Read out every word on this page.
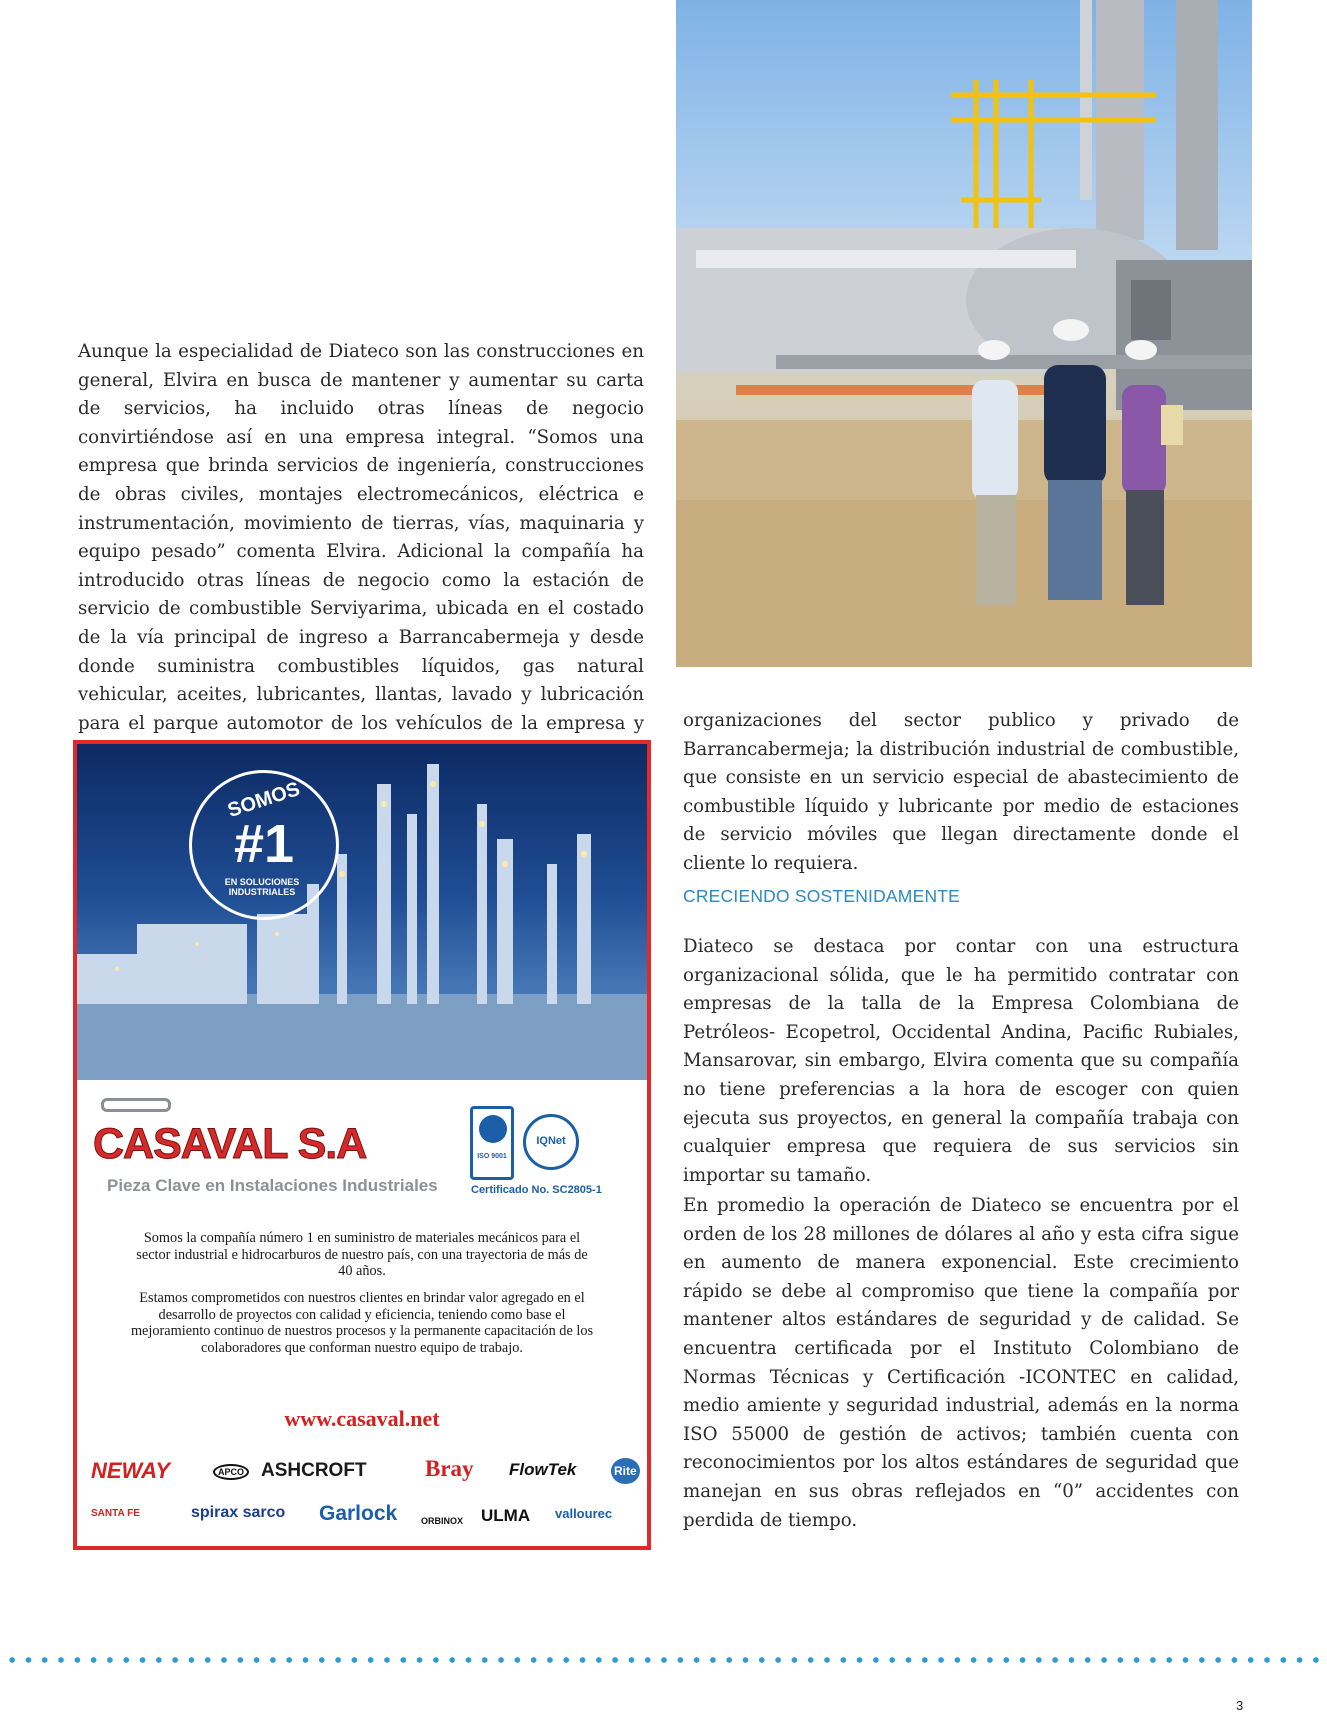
Aunque la especialidad de Diateco son las construcciones en general, Elvira en busca de mantener y aumentar su carta de servicios, ha incluido otras líneas de negocio convirtiéndose así en una empresa integral. “Somos una empresa que brinda servicios de ingeniería, construcciones de obras civiles, montajes electromecánicos, eléctrica e instrumentación, movimiento de tierras, vías, maquinaria y equipo pesado” comenta Elvira. Adicional la compañía ha introducido otras líneas de negocio como la estación de servicio de combustible Serviyarima, ubicada en el costado de la vía principal de ingreso a Barrancabermeja y desde donde suministra combustibles líquidos, gas natural vehicular, aceites, lubricantes, llantas, lavado y lubricación para el parque automotor de los vehículos de la empresa y organizaciones del sector publico y privado de Barrancabermeja; la distribución industrial de combustible, que consiste en un servicio especial de abastecimiento de combustible líquido y lubricante por medio de estaciones de servicio móviles que llegan directamente donde el cliente lo requiera.

CRECIENDO SOSTENIDAMENTE

Diateco se destaca por contar con una estructura organizacional sólida, que le ha permitido contratar con empresas de la talla de la Empresa Colombiana de Petróleos- Ecopetrol, Occidental Andina, Pacific Rubiales, Mansarovar, sin embargo, Elvira comenta que su compañía no tiene preferencias a la hora de escoger con quien ejecuta sus proyectos, en general la compañía trabaja con cualquier empresa que requiera de sus servicios sin importar su tamaño.

En promedio la operación de Diateco se encuentra por el orden de los 28 millones de dólares al año y esta cifra sigue en aumento de manera exponencial. Este crecimiento rápido se debe al compromiso que tiene la compañía por mantener altos estándares de seguridad y de calidad. Se encuentra certificada por el Instituto Colombiano de Normas Técnicas y Certificación -ICONTEC en calidad, medio amiente y seguridad industrial, además en la norma ISO 55000 de gestión de activos; también cuenta con reconocimientos por los altos estándares de seguridad que manejan en sus obras reflejados en “0” accidentes con perdida de tiempo.

SOMOS
#1
EN SOLUCIONES INDUSTRIALES
CASAVAL S.A
Pieza Clave en Instalaciones Industriales
ISO 9001
IQNet
Certificado No. SC2805-1
Somos la compañía número 1 en suministro de materiales mecánicos para el sector industrial e hidrocarburos de nuestro país, con una trayectoria de más de 40 años.
Estamos comprometidos con nuestros clientes en brindar valor agregado en el desarrollo de proyectos con calidad y eficiencia, teniendo como base el mejoramiento continuo de nuestros procesos y la permanente capacitación de los colaboradores que conforman nuestro equipo de trabajo.
www.casaval.net
NEWAY	APCO ASHCROFT	Bray FlowTek	Rite
SANTA FE	spirax sarco Garlock	ORBINOX ULMA vallourec
3
